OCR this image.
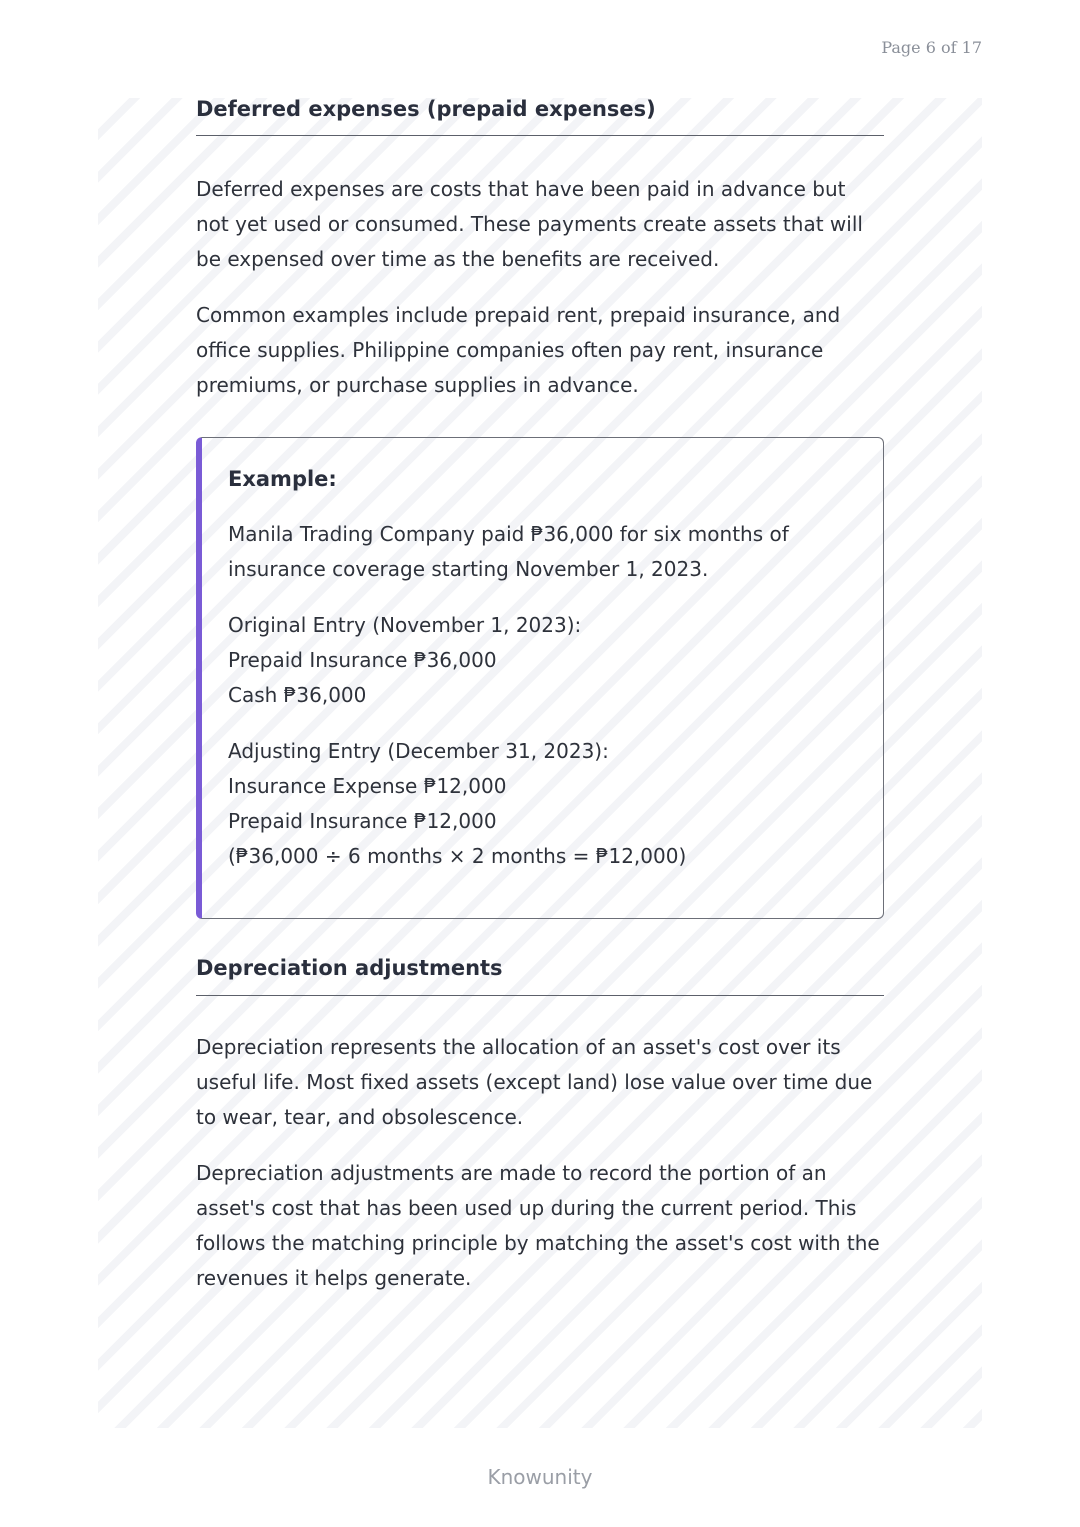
Page 6 of 17
Deferred expenses (prepaid expenses)

Deferred expenses are costs that have been paid in advance but not yet used or consumed. These payments create assets that will be expensed over time as the benefits are received.

Common examples include prepaid rent, prepaid insurance, and office supplies. Philippine companies often pay rent, insurance premiums, or purchase supplies in advance.

Example:

Manila Trading Company paid ₱36,000 for six months of insurance coverage starting November 1, 2023.

Original Entry (November 1, 2023):
Prepaid Insurance ₱36,000
Cash ₱36,000
Adjusting Entry (December 31, 2023):
Insurance Expense ₱12,000
Prepaid Insurance ₱12,000
(₱36,000 ÷ 6 months × 2 months = ₱12,000)
Depreciation adjustments

Depreciation represents the allocation of an asset's cost over its useful life. Most fixed assets (except land) lose value over time due to wear, tear, and obsolescence.

Depreciation adjustments are made to record the portion of an asset's cost that has been used up during the current period. This follows the matching principle by matching the asset's cost with the revenues it helps generate.

Knowunity
